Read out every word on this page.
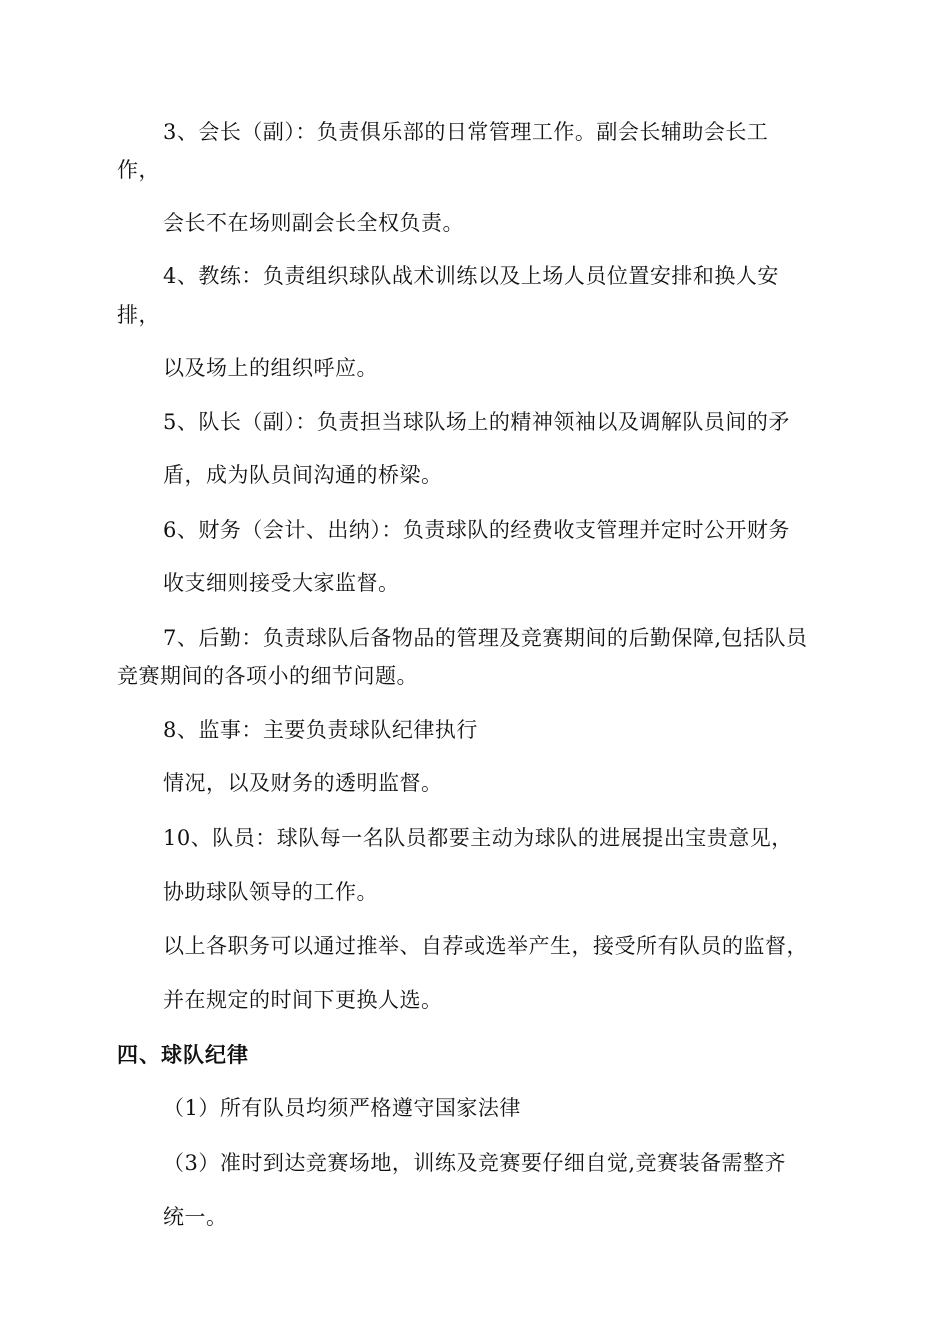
3、会长（副）：负责俱乐部的日常管理工作。副会长辅助会长工
作，
会长不在场则副会长全权负责。
4、教练：负责组织球队战术训练以及上场人员位置安排和换人安
排，
以及场上的组织呼应。
5、队长（副）：负责担当球队场上的精神领袖以及调解队员间的矛
盾，成为队员间沟通的桥梁。
6、财务（会计、出纳）：负责球队的经费收支管理并定时公开财务
收支细则接受大家监督。
7、后勤：负责球队后备物品的管理及竞赛期间的后勤保障,包括队员
竞赛期间的各项小的细节问题。
8、监事：主要负责球队纪律执行
情况，以及财务的透明监督。
10、队员：球队每一名队员都要主动为球队的进展提出宝贵意见，
协助球队领导的工作。
以上各职务可以通过推举、自荐或选举产生，接受所有队员的监督，
并在规定的时间下更换人选。
四、球队纪律
（1）所有队员均须严格遵守国家法律
（3）准时到达竞赛场地，训练及竞赛要仔细自觉,竞赛装备需整齐
统一。
